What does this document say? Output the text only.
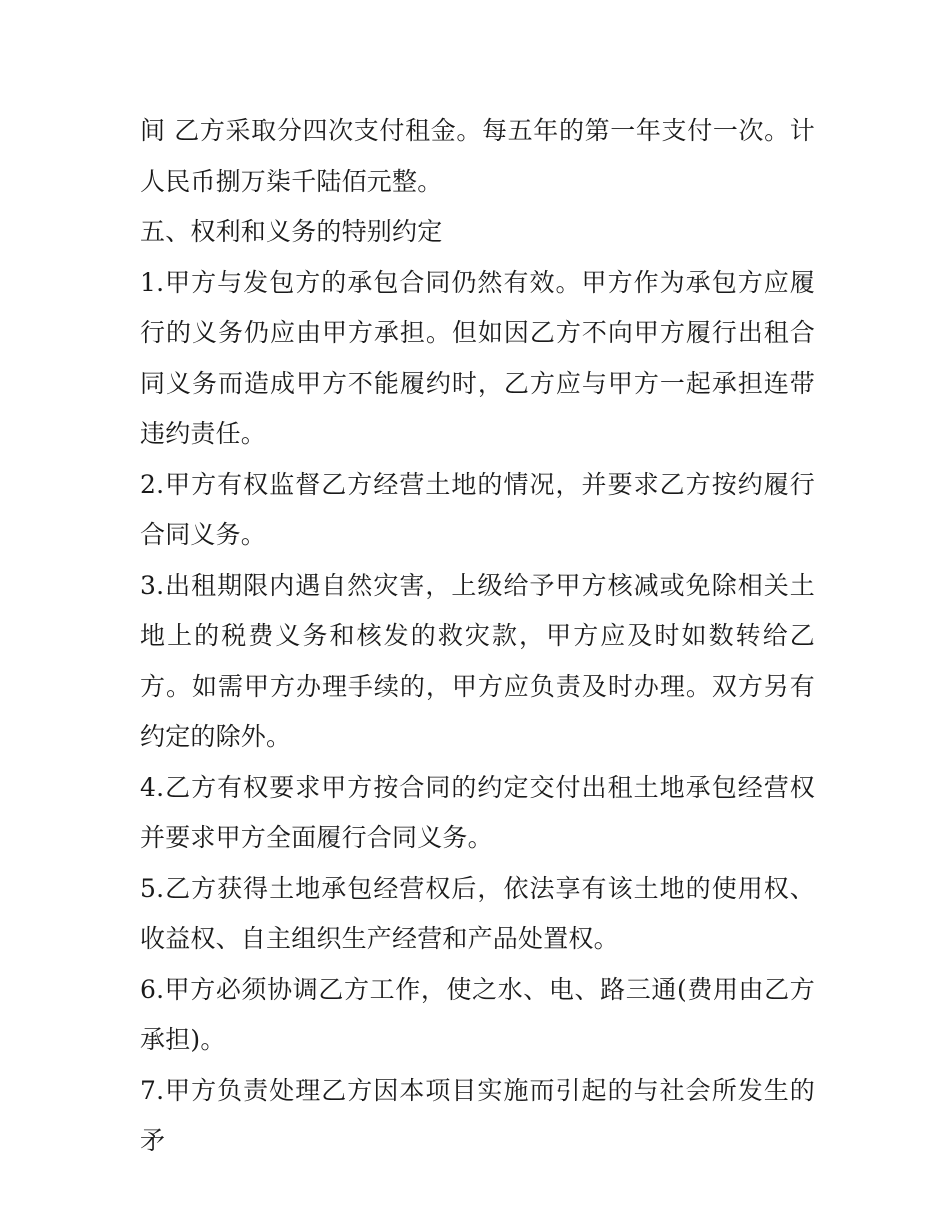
间 乙方采取分四次支付租金。每五年的第一年支付一次。计人民币捌万柒千陆佰元整。

五、权利和义务的特别约定

1.甲方与发包方的承包合同仍然有效。甲方作为承包方应履行的义务仍应由甲方承担。但如因乙方不向甲方履行出租合同义务而造成甲方不能履约时，乙方应与甲方一起承担连带违约责任。

2.甲方有权监督乙方经营土地的情况，并要求乙方按约履行合同义务。

3.出租期限内遇自然灾害，上级给予甲方核减或免除相关土地上的税费义务和核发的救灾款，甲方应及时如数转给乙方。如需甲方办理手续的，甲方应负责及时办理。双方另有约定的除外。

4.乙方有权要求甲方按合同的约定交付出租土地承包经营权并要求甲方全面履行合同义务。

5.乙方获得土地承包经营权后，依法享有该土地的使用权、收益权、自主组织生产经营和产品处置权。

6.甲方必须协调乙方工作，使之水、电、路三通(费用由乙方承担)。

7.甲方负责处理乙方因本项目实施而引起的与社会所发生的矛
